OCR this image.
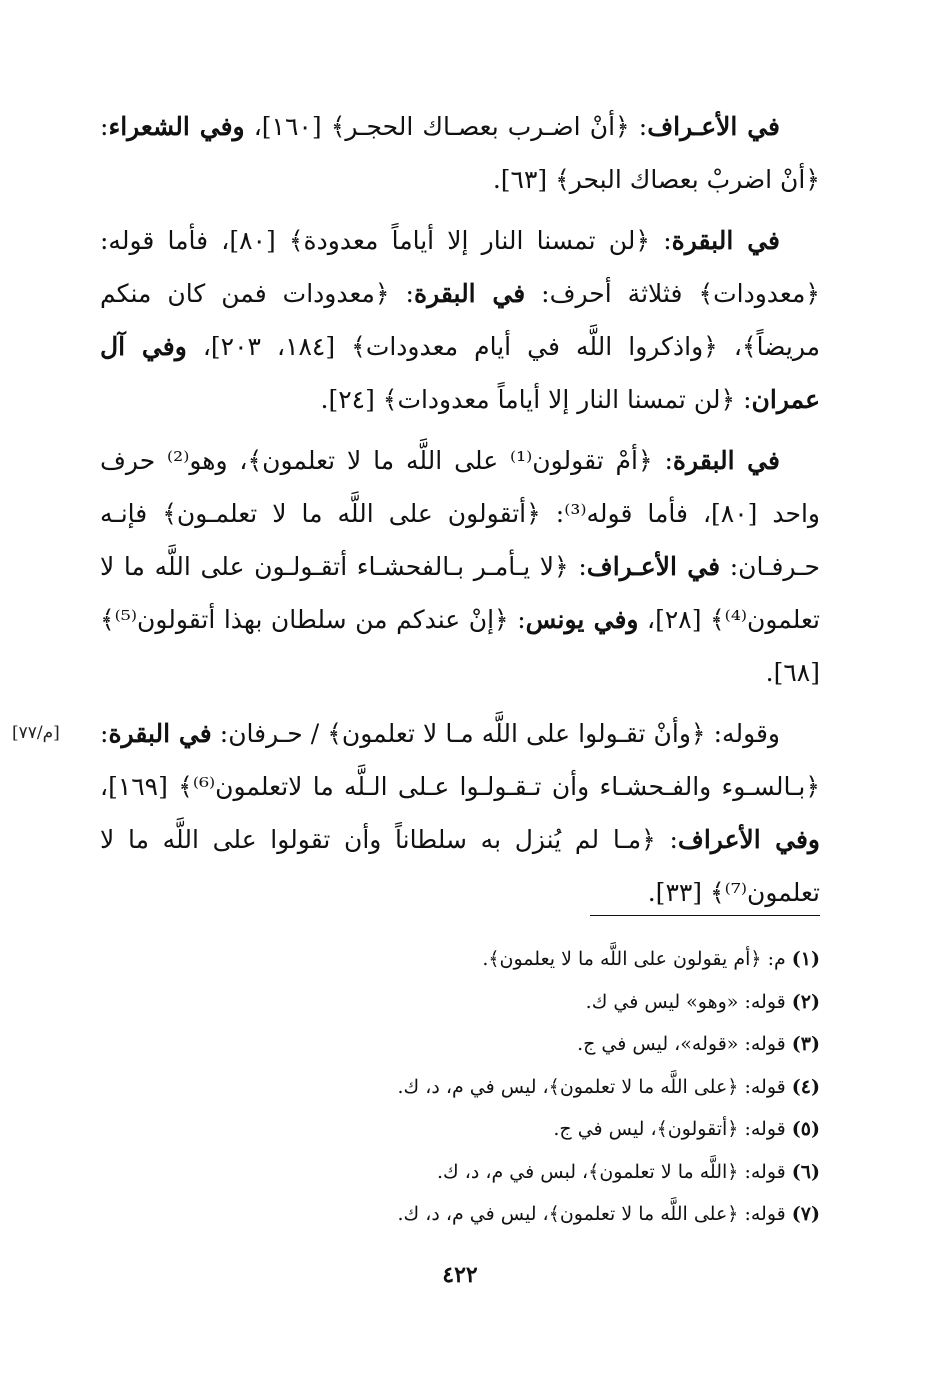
في الأعـراف: ﴿أنْ اضـرب بعصـاك الحجـر﴾ [١٦٠]، وفي الشعراء: ﴿أنْ اضربْ بعصاك البحر﴾ [٦٣].

في البقرة: ﴿لن تمسنا النار إلا أياماً معدودة﴾ [٨٠]، فأما قوله: ﴿معدودات﴾ فثلاثة أحرف: في البقرة: ﴿معدودات فمن كان منكم مريضاً﴾، ﴿واذكروا اللَّه في أيام معدودات﴾ [١٨٤، ٢٠٣]، وفي آل عمران: ﴿لن تمسنا النار إلا أياماً معدودات﴾ [٢٤].

في البقرة: ﴿أمْ تقولون⁽¹⁾ على اللَّه ما لا تعلمون﴾، وهو⁽²⁾ حرف واحد [٨٠]، فأما قوله⁽³⁾: ﴿أتقولون على اللَّه ما لا تعلمـون﴾ فإنـه حـرفـان: في الأعـراف: ﴿لا يـأمـر بـالفحشـاء أتقـولـون على اللَّه ما لا تعلمون⁽⁴⁾﴾ [٢٨]، وفي يونس: ﴿إنْ عندكم من سلطان بهذا أتقولون⁽⁵⁾﴾ [٦٨].

[م/٧٧]	وقوله: ﴿وأنْ تقـولوا على اللَّه مـا لا تعلمون﴾ / حـرفان: في البقرة: ﴿بـالسـوء والفـحشـاء وأن تـقـولـوا عـلى الـلَّه ما لاتعلمون⁽⁶⁾﴾ [١٦٩]، وفي الأعراف: ﴿مـا لم يُنزل به سلطاناً وأن تقولوا على اللَّه ما لا تعلمون⁽⁷⁾﴾ [٣٣].

(١) م: ﴿أم يقولون على اللَّه ما لا يعلمون﴾.

(٢) قوله: «وهو» ليس في ك.

(٣) قوله: «قوله»، ليس في ج.

(٤) قوله: ﴿على اللَّه ما لا تعلمون﴾، ليس في م، د، ك.

(٥) قوله: ﴿أتقولون﴾، ليس في ج.

(٦) قوله: ﴿اللَّه ما لا تعلمون﴾، لبس في م، د، ك.

(٧) قوله: ﴿على اللَّه ما لا تعلمون﴾، ليس في م، د، ك.

٤٢٢
